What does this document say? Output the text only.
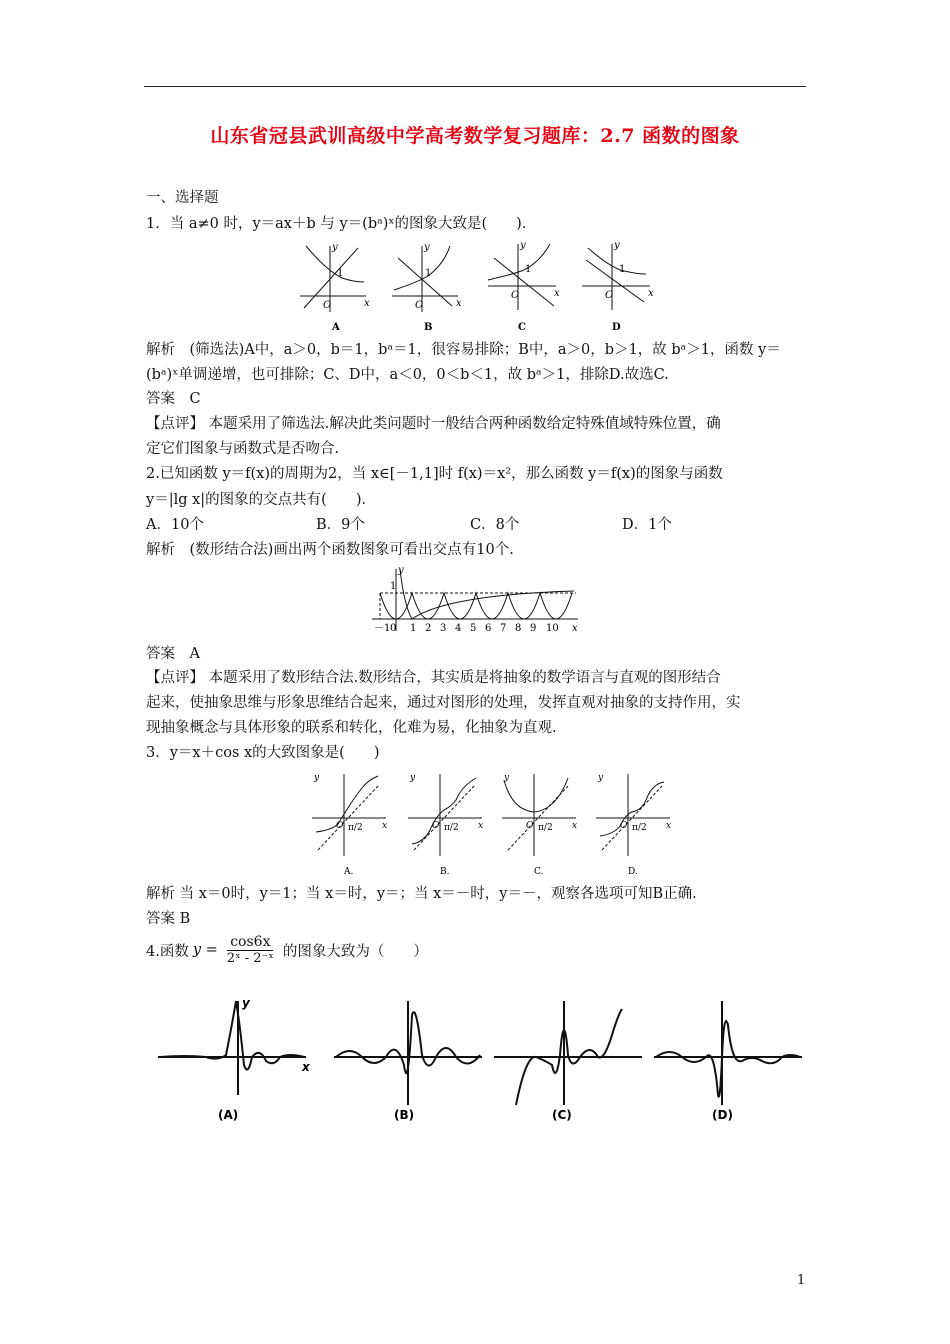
山东省冠县武训高级中学高考数学复习题库：2.7 函数的图象
一、选择题
1．当 a≠0 时，y＝ax＋b 与 y＝(bᵃ)ˣ的图象大致是(　　)．
y
x
O
1
y
x
O
1
y
x
O
1
y
x
O
1
A	B	C	D
解析　(筛选法)A中，a＞0，b＝1，bᵃ＝1，很容易排除；B中，a＞0，b＞1，故 bᵃ＞1，函数 y＝
(bᵃ)ˣ单调递增，也可排除；C、D中，a＜0，0＜b＜1，故 bᵃ＞1，排除D.故选C.
答案　C
【点评】 本题采用了筛选法.解决此类问题时一般结合两种函数给定特殊值域特殊位置，确
定它们图象与函数式是否吻合.
2.已知函数 y＝f(x)的周期为2，当 x∈[－1,1]时 f(x)＝x²，那么函数 y＝f(x)的图象与函数
y＝|lg x|的图象的交点共有(　　)．
A．10个	B．9个	C．8个	D．1个
解析　(数形结合法)画出两个函数图象可看出交点有10个.
y
1
－1 0 1 2 3 4 5 6 7 8 9 10 x
答案　A
【点评】 本题采用了数形结合法.数形结合，其实质是将抽象的数学语言与直观的图形结合
起来，使抽象思维与形象思维结合起来，通过对图形的处理，发挥直观对抽象的支持作用，实
现抽象概念与具体形象的联系和转化，化难为易，化抽象为直观.
3．y＝x＋cos x的大致图象是(　　)
y
x
O
y
x
O
y
x
O
y
x
O
π/2	π/2	π/2	π/2
A.	B.	C.	D.
解析 当 x＝0时，y＝1；当 x＝时，y＝；当 x＝－时，y＝－，观察各选项可知B正确.
答案 B
4.函数 $y = \frac{\cos 6x}{\text{2ˣ - 2⁻ˣ}}$ 的图象大致为（　　）
x
y
(A)	(B)	(C)	(D)
1
